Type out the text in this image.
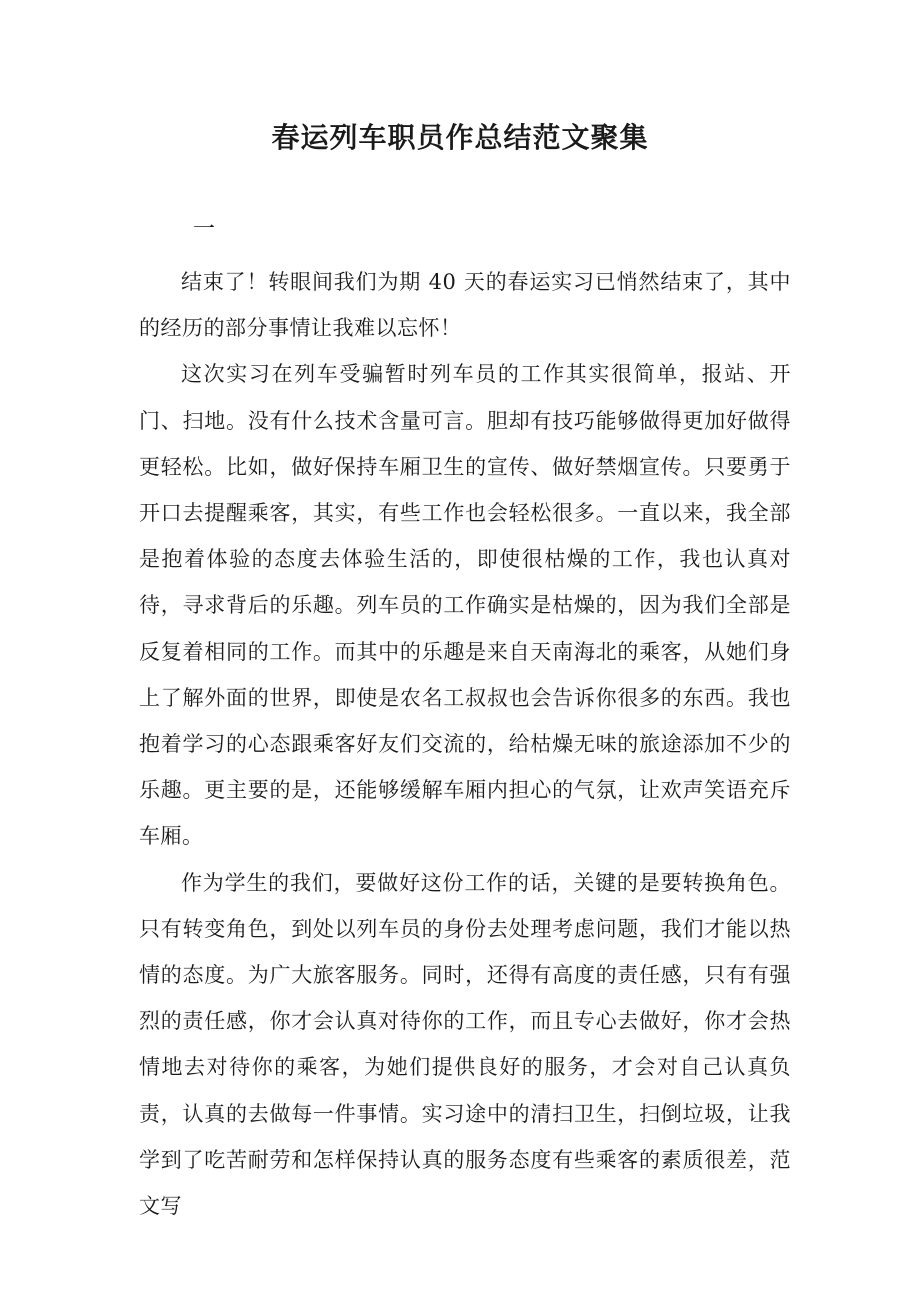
春运列车职员作总结范文聚集
一

结束了！转眼间我们为期 40 天的春运实习已悄然结束了，其中的经历的部分事情让我难以忘怀！

这次实习在列车受骗暂时列车员的工作其实很简单，报站、开门、扫地。没有什么技术含量可言。胆却有技巧能够做得更加好做得更轻松。比如，做好保持车厢卫生的宣传、做好禁烟宣传。只要勇于开口去提醒乘客，其实，有些工作也会轻松很多。一直以来，我全部是抱着体验的态度去体验生活的，即使很枯燥的工作，我也认真对待，寻求背后的乐趣。列车员的工作确实是枯燥的，因为我们全部是反复着相同的工作。而其中的乐趣是来自天南海北的乘客，从她们身上了解外面的世界，即使是农名工叔叔也会告诉你很多的东西。我也抱着学习的心态跟乘客好友们交流的，给枯燥无味的旅途添加不少的乐趣。更主要的是，还能够缓解车厢内担心的气氛，让欢声笑语充斥车厢。

作为学生的我们，要做好这份工作的话，关键的是要转换角色。只有转变角色，到处以列车员的身份去处理考虑问题，我们才能以热情的态度。为广大旅客服务。同时，还得有高度的责任感，只有有强烈的责任感，你才会认真对待你的工作，而且专心去做好，你才会热情地去对待你的乘客，为她们提供良好的服务，才会对自己认真负责，认真的去做每一件事情。实习途中的清扫卫生，扫倒垃圾，让我学到了吃苦耐劳和怎样保持认真的服务态度有些乘客的素质很差，范文写
